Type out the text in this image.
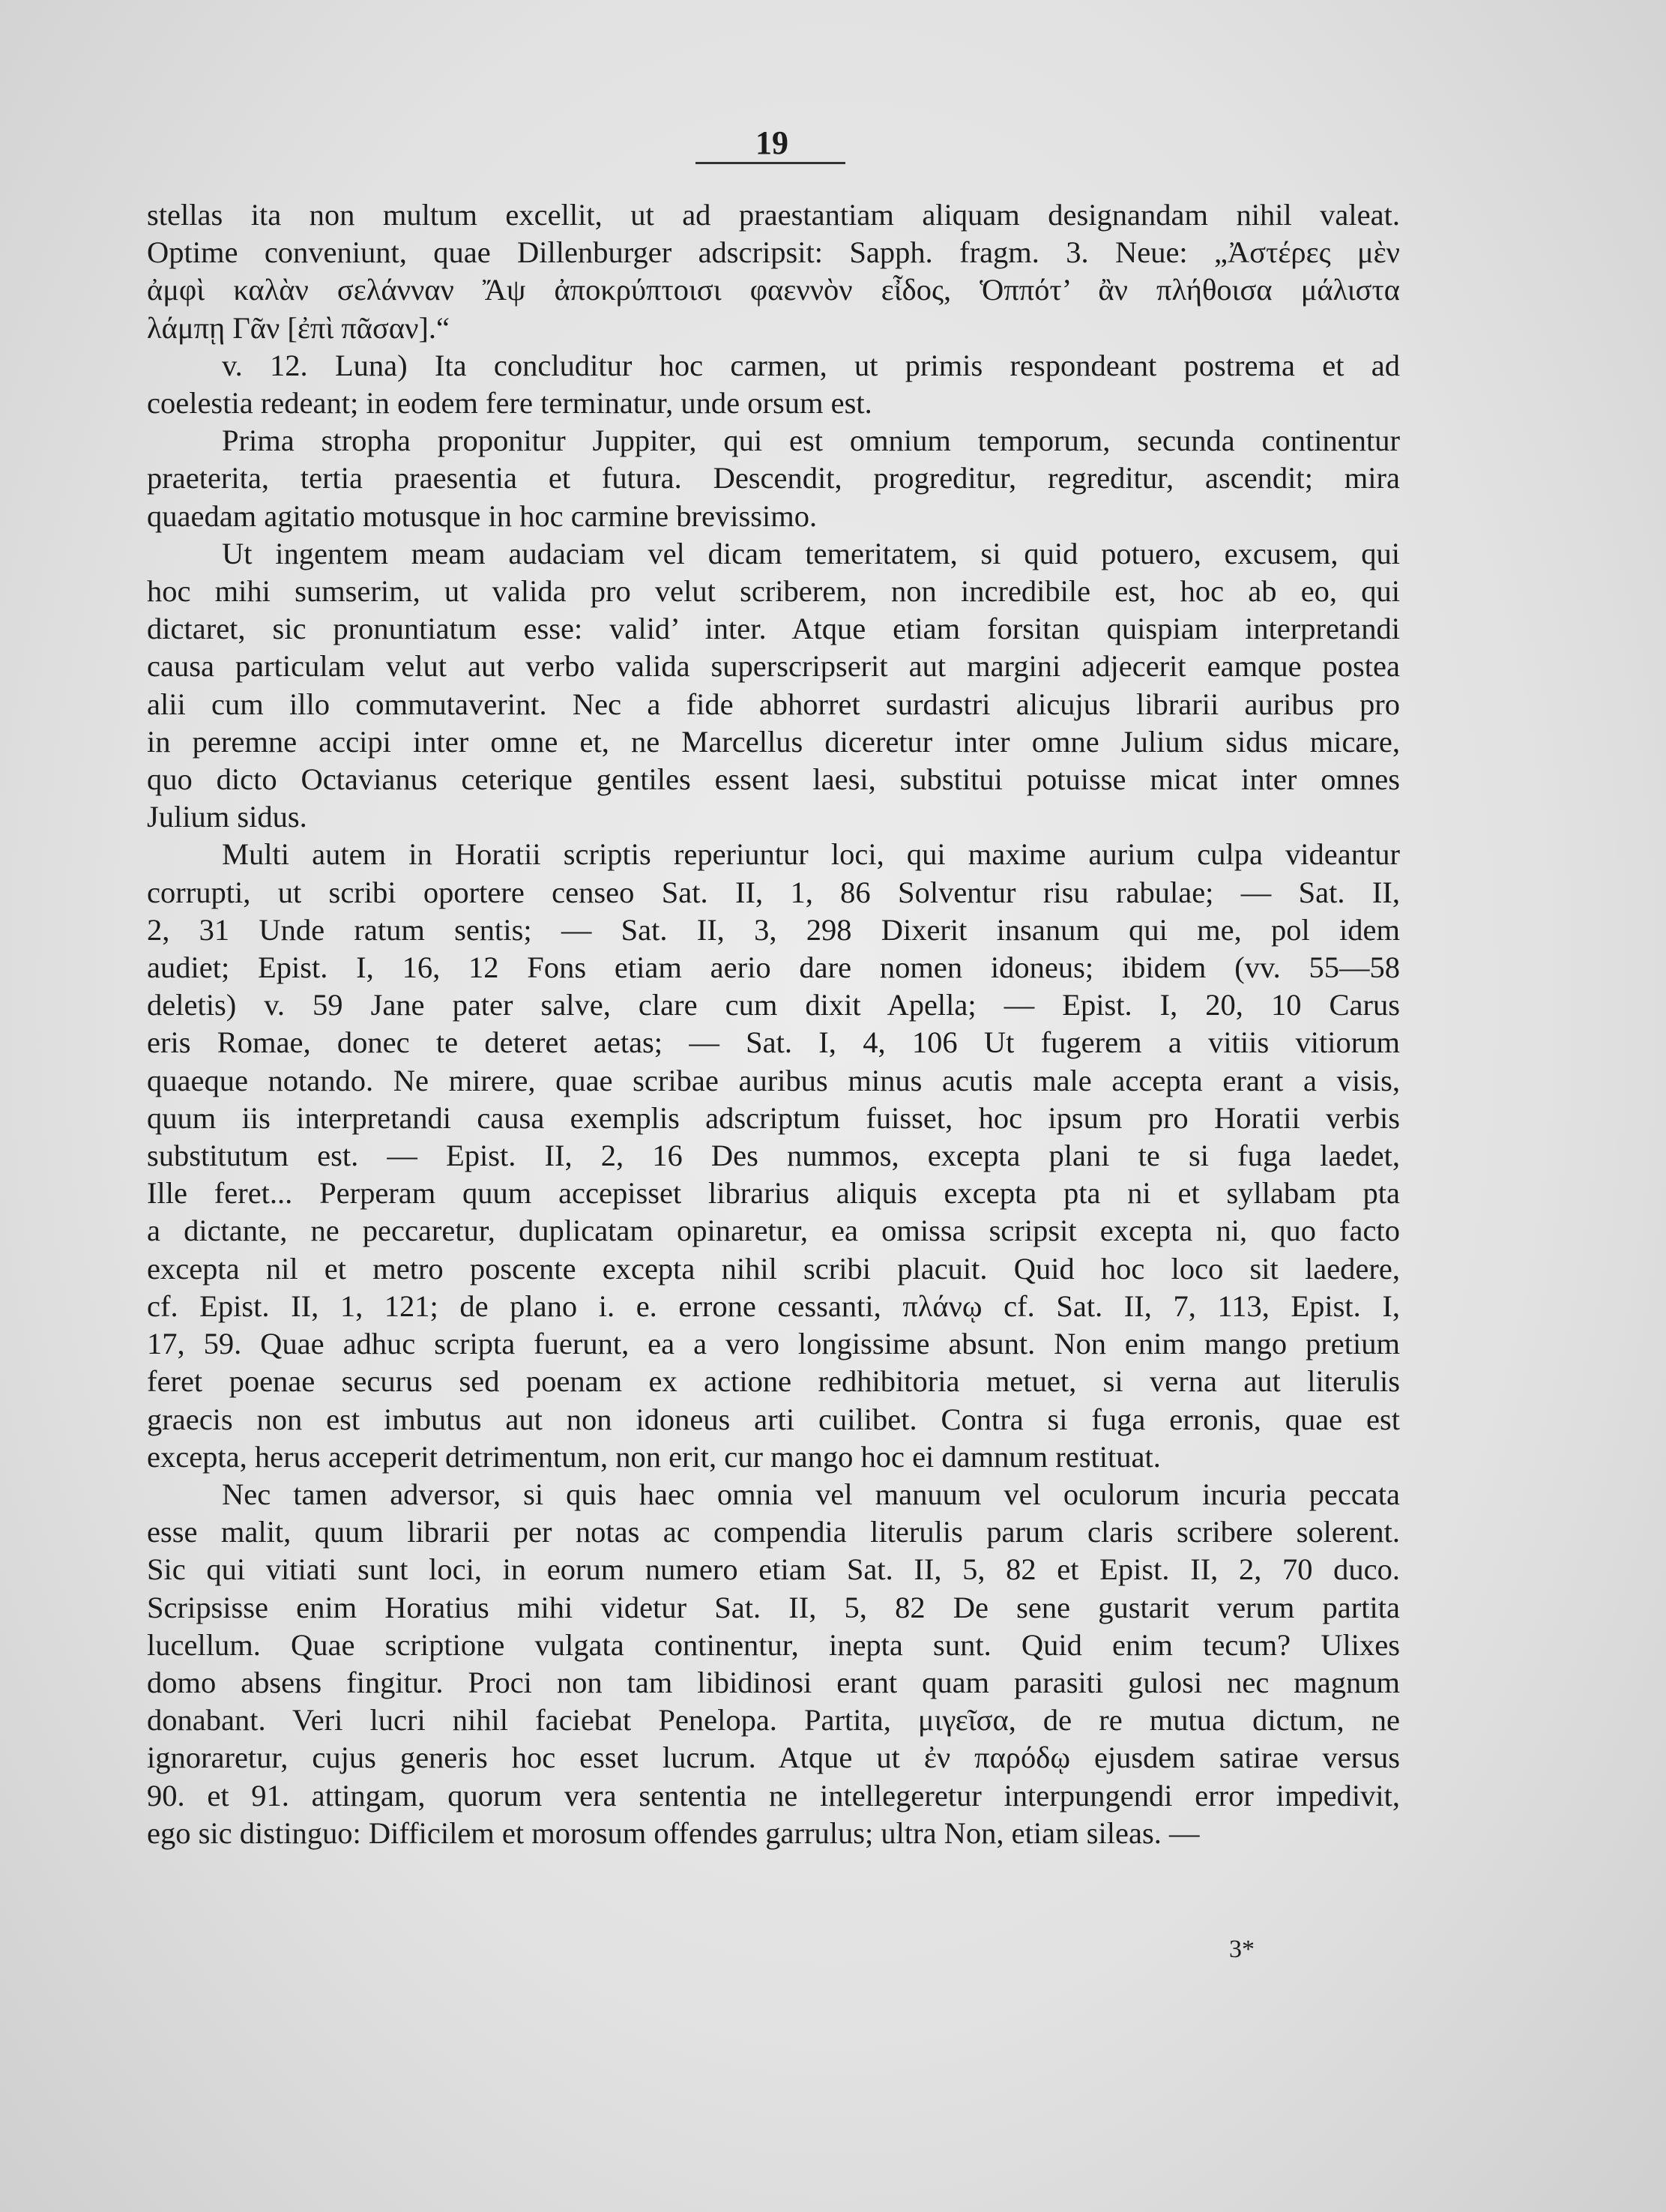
19
stellas ita non multum excellit, ut ad praestantiam aliquam designandam nihil valeat.
Optime conveniunt, quae Dillenburger adscripsit: Sapph. fragm. 3. Neue: „Ἀστέρες μὲν
ἀμφὶ καλὰν σελάνναν Ἄψ ἀποκρύπτοισι φαεννὸν εἶδος, Ὁππότ’ ἂν πλήθοισα μάλιστα
λάμπῃ Γᾶν [ἐπὶ πᾶσαν].“
v. 12. Luna) Ita concluditur hoc carmen, ut primis respondeant postrema et ad
coelestia redeant; in eodem fere terminatur, unde orsum est.
Prima stropha proponitur Juppiter, qui est omnium temporum, secunda continentur
praeterita, tertia praesentia et futura. Descendit, progreditur, regreditur, ascendit; mira
quaedam agitatio motusque in hoc carmine brevissimo.
Ut ingentem meam audaciam vel dicam temeritatem, si quid potuero, excusem, qui
hoc mihi sumserim, ut valida pro velut scriberem, non incredibile est, hoc ab eo, qui
dictaret, sic pronuntiatum esse: valid’ inter. Atque etiam forsitan quispiam interpretandi
causa particulam velut aut verbo valida superscripserit aut margini adjecerit eamque postea
alii cum illo commutaverint. Nec a fide abhorret surdastri alicujus librarii auribus pro
in peremne accipi inter omne et, ne Marcellus diceretur inter omne Julium sidus micare,
quo dicto Octavianus ceterique gentiles essent laesi, substitui potuisse micat inter omnes
Julium sidus.
Multi autem in Horatii scriptis reperiuntur loci, qui maxime aurium culpa videantur
corrupti, ut scribi oportere censeo Sat. II, 1, 86 Solventur risu rabulae; — Sat. II,
2, 31 Unde ratum sentis; — Sat. II, 3, 298 Dixerit insanum qui me, pol idem
audiet; Epist. I, 16, 12 Fons etiam aerio dare nomen idoneus; ibidem (vv. 55—58
deletis) v. 59 Jane pater salve, clare cum dixit Apella; — Epist. I, 20, 10 Carus
eris Romae, donec te deteret aetas; — Sat. I, 4, 106 Ut fugerem a vitiis vitiorum
quaeque notando. Ne mirere, quae scribae auribus minus acutis male accepta erant a visis,
quum iis interpretandi causa exemplis adscriptum fuisset, hoc ipsum pro Horatii verbis
substitutum est. — Epist. II, 2, 16 Des nummos, excepta plani te si fuga laedet,
Ille feret... Perperam quum accepisset librarius aliquis excepta pta ni et syllabam pta
a dictante, ne peccaretur, duplicatam opinaretur, ea omissa scripsit excepta ni, quo facto
excepta nil et metro poscente excepta nihil scribi placuit. Quid hoc loco sit laedere,
cf. Epist. II, 1, 121; de plano i. e. errone cessanti, πλάνῳ cf. Sat. II, 7, 113, Epist. I,
17, 59. Quae adhuc scripta fuerunt, ea a vero longissime absunt. Non enim mango pretium
feret poenae securus sed poenam ex actione redhibitoria metuet, si verna aut literulis
graecis non est imbutus aut non idoneus arti cuilibet. Contra si fuga erronis, quae est
excepta, herus acceperit detrimentum, non erit, cur mango hoc ei damnum restituat.
Nec tamen adversor, si quis haec omnia vel manuum vel oculorum incuria peccata
esse malit, quum librarii per notas ac compendia literulis parum claris scribere solerent.
Sic qui vitiati sunt loci, in eorum numero etiam Sat. II, 5, 82 et Epist. II, 2, 70 duco.
Scripsisse enim Horatius mihi videtur Sat. II, 5, 82 De sene gustarit verum partita
lucellum. Quae scriptione vulgata continentur, inepta sunt. Quid enim tecum? Ulixes
domo absens fingitur. Proci non tam libidinosi erant quam parasiti gulosi nec magnum
donabant. Veri lucri nihil faciebat Penelopa. Partita, μιγεῖσα, de re mutua dictum, ne
ignoraretur, cujus generis hoc esset lucrum. Atque ut ἐν παρόδῳ ejusdem satirae versus
90. et 91. attingam, quorum vera sententia ne intellegeretur interpungendi error impedivit,
ego sic distinguo: Difficilem et morosum offendes garrulus; ultra Non, etiam sileas. —
3*
